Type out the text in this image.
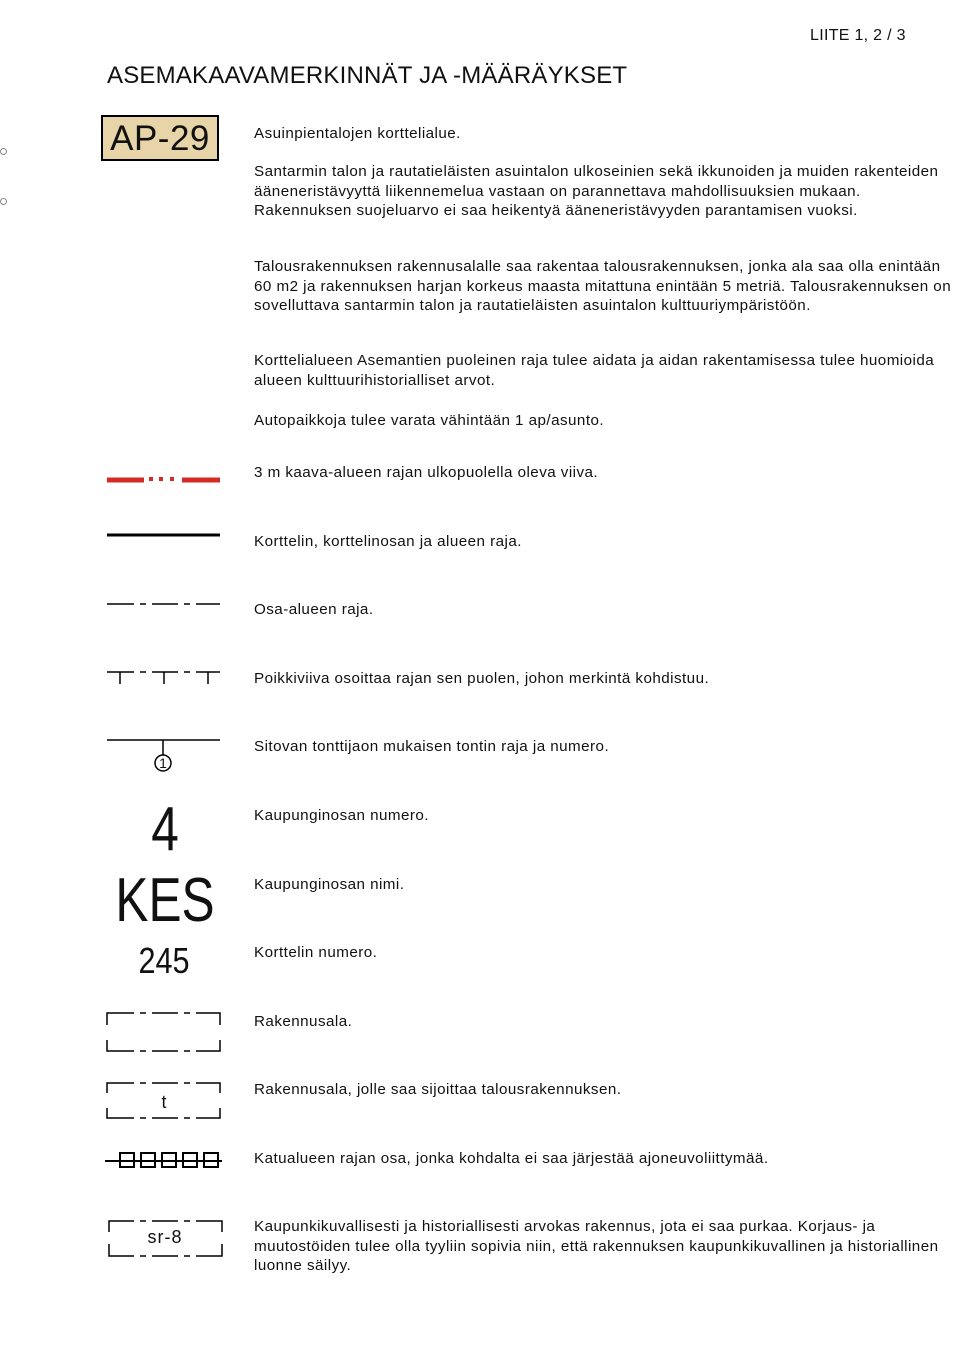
LIITE 1, 2 / 3
ASEMAKAAVAMERKINNÄT JA -MÄÄRÄYKSET
AP-29	Asuinpientalojen korttelialue.
Santarmin talon ja rautatieläisten asuintalon ulkoseinien sekä ikkunoiden ja muiden rakenteiden ääneneristävyyttä liikennemelua vastaan on parannettava mahdollisuuksien mukaan. Rakennuksen suojeluarvo ei saa heikentyä ääneneristävyyden parantamisen vuoksi.
Talousrakennuksen rakennusalalle saa rakentaa talousrakennuksen, jonka ala saa olla enintään 60 m2 ja rakennuksen harjan korkeus maasta mitattuna enintään 5 metriä. Talousrakennuksen on sovelluttava santarmin talon ja rautatieläisten asuintalon kulttuuriympäristöön.
Korttelialueen Asemantien puoleinen raja tulee aidata ja aidan rakentamisessa tulee huomioida alueen kulttuurihistorialliset arvot.
Autopaikkoja tulee varata vähintään 1 ap/asunto.
1
4
KES
245
t
sr-8
3 m kaava-alueen rajan ulkopuolella oleva viiva.
Korttelin, korttelinosan ja alueen raja.
Osa-alueen raja.
Poikkiviiva osoittaa rajan sen puolen, johon merkintä kohdistuu.
Sitovan tonttijaon mukaisen tontin raja ja numero.
Kaupunginosan numero.
Kaupunginosan nimi.
Korttelin numero.
Rakennusala.
Rakennusala, jolle saa sijoittaa talousrakennuksen.
Katualueen rajan osa, jonka kohdalta ei saa järjestää ajoneuvoliittymää.
Kaupunkikuvallisesti ja historiallisesti arvokas rakennus, jota ei saa purkaa. Korjaus- ja muutostöiden tulee olla tyyliin sopivia niin, että rakennuksen kaupunkikuvallinen ja historiallinen luonne säilyy.
